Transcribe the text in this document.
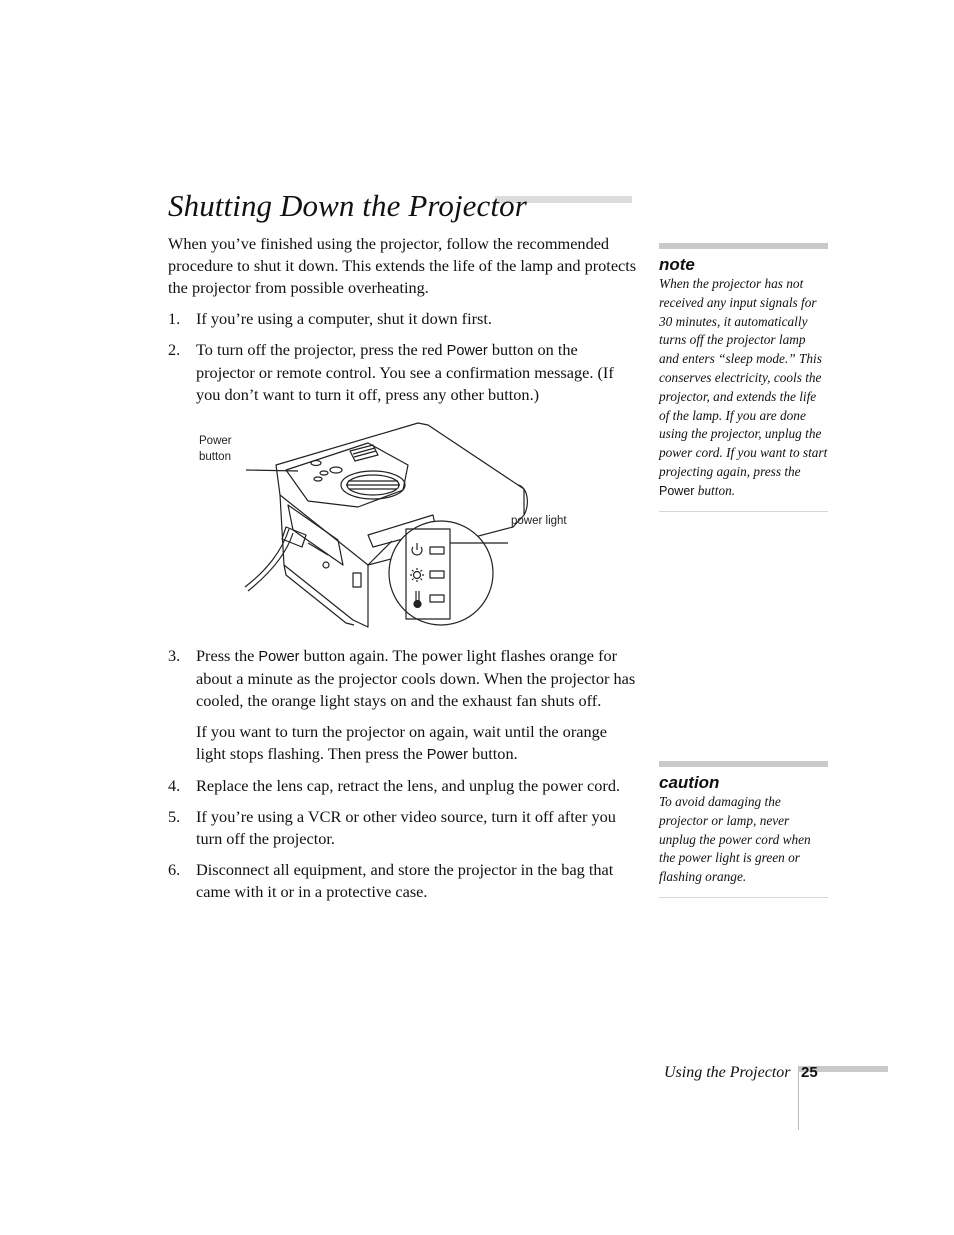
Shutting Down the Projector

When you’ve finished using the projector, follow the recommended procedure to shut it down. This extends the life of the lamp and protects the projector from possible overheating.

1. If you’re using a computer, shut it down first.

2. To turn off the projector, press the red Power button on the projector or remote control. You see a confirmation message. (If you don’t want to turn it off, press any other button.)

Power
button
power light

3. Press the Power button again. The power light flashes orange for about a minute as the projector cools down. When the projector has cooled, the orange light stays on and the exhaust fan shuts off.

If you want to turn the projector on again, wait until the orange light stops flashing. Then press the Power button.

4. Replace the lens cap, retract the lens, and unplug the power cord.

5. If you’re using a VCR or other video source, turn it off after you turn off the projector.

6. Disconnect all equipment, and store the projector in the bag that came with it or in a protective case.

note

When the projector has not received any input signals for 30 minutes, it automatically turns off the projector lamp and enters “sleep mode.” This conserves electricity, cools the projector, and extends the life of the lamp. If you are done using the projector, unplug the power cord. If you want to start projecting again, press the Power button.

caution

To avoid damaging the projector or lamp, never unplug the power cord when the power light is green or flashing orange.

Using the Projector 25
